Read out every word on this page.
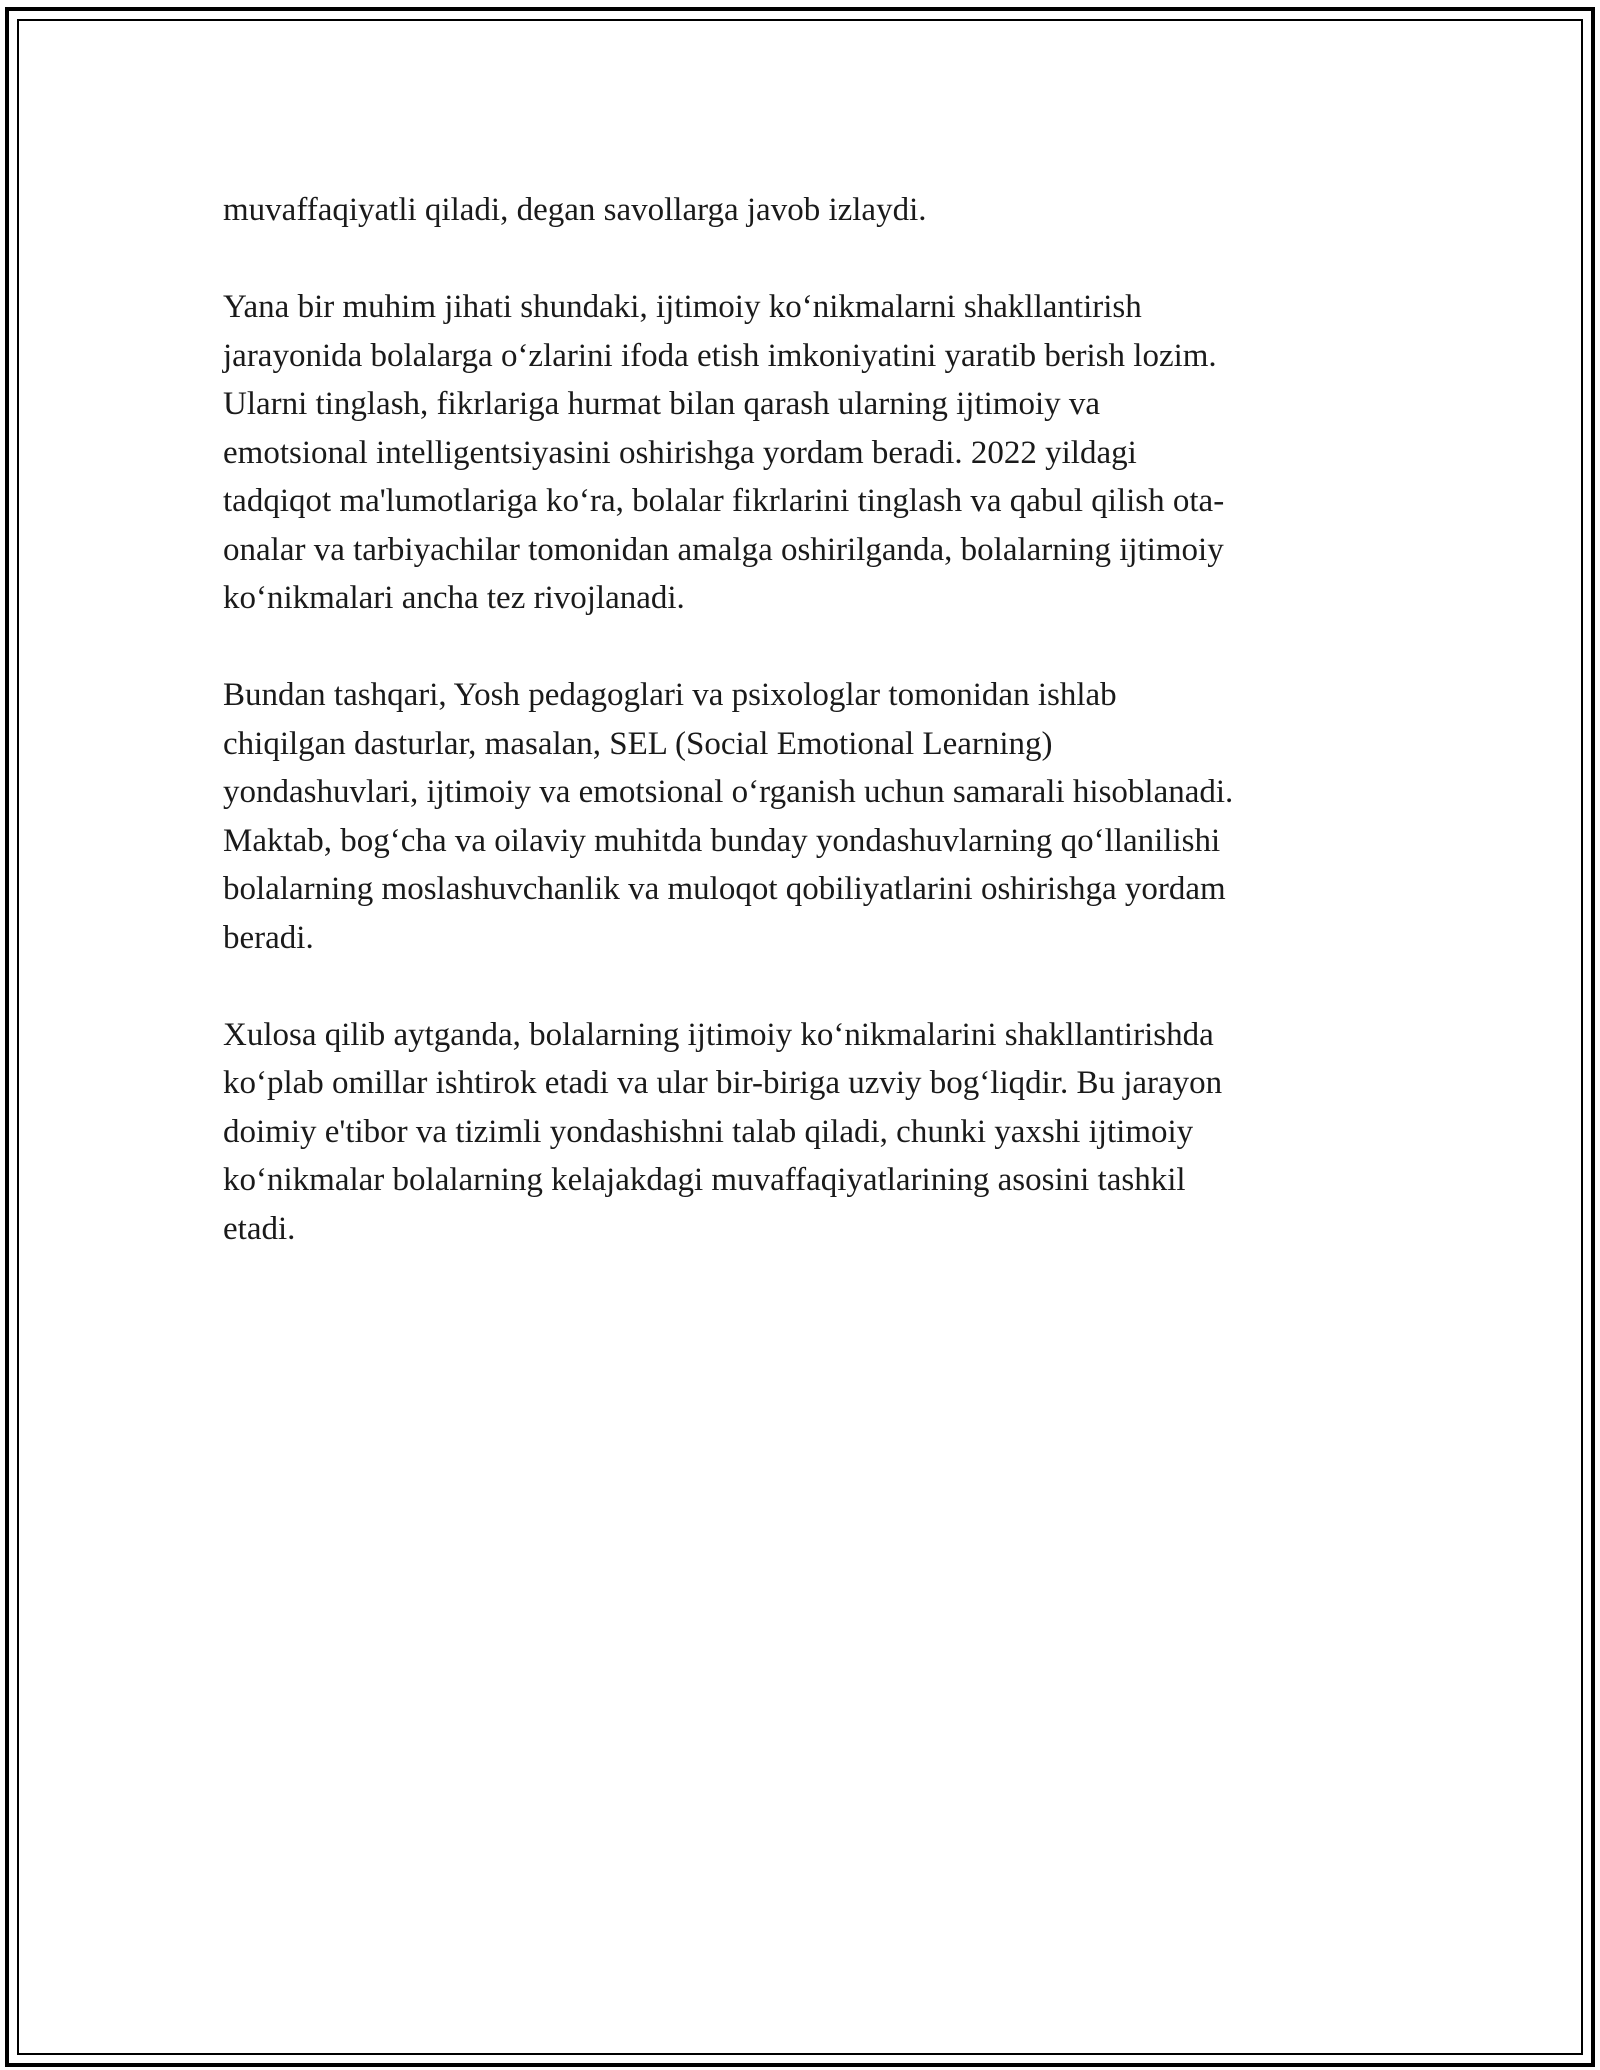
muvaffaqiyatli qiladi, degan savollarga javob izlaydi.

Yana bir muhim jihati shundaki, ijtimoiy ko‘nikmalarni shakllantirish
jarayonida bolalarga o‘zlarini ifoda etish imkoniyatini yaratib berish lozim.
Ularni tinglash, fikrlariga hurmat bilan qarash ularning ijtimoiy va
emotsional intelligentsiyasini oshirishga yordam beradi. 2022 yildagi
tadqiqot ma'lumotlariga ko‘ra, bolalar fikrlarini tinglash va qabul qilish ota-
onalar va tarbiyachilar tomonidan amalga oshirilganda, bolalarning ijtimoiy
ko‘nikmalari ancha tez rivojlanadi.

Bundan tashqari, Yosh pedagoglari va psixologlar tomonidan ishlab
chiqilgan dasturlar, masalan, SEL (Social Emotional Learning)
yondashuvlari, ijtimoiy va emotsional o‘rganish uchun samarali hisoblanadi.
Maktab, bog‘cha va oilaviy muhitda bunday yondashuvlarning qo‘llanilishi
bolalarning moslashuvchanlik va muloqot qobiliyatlarini oshirishga yordam
beradi.

Xulosa qilib aytganda, bolalarning ijtimoiy ko‘nikmalarini shakllantirishda
ko‘plab omillar ishtirok etadi va ular bir-biriga uzviy bog‘liqdir. Bu jarayon
doimiy e'tibor va tizimli yondashishni talab qiladi, chunki yaxshi ijtimoiy
ko‘nikmalar bolalarning kelajakdagi muvaffaqiyatlarining asosini tashkil
etadi.
